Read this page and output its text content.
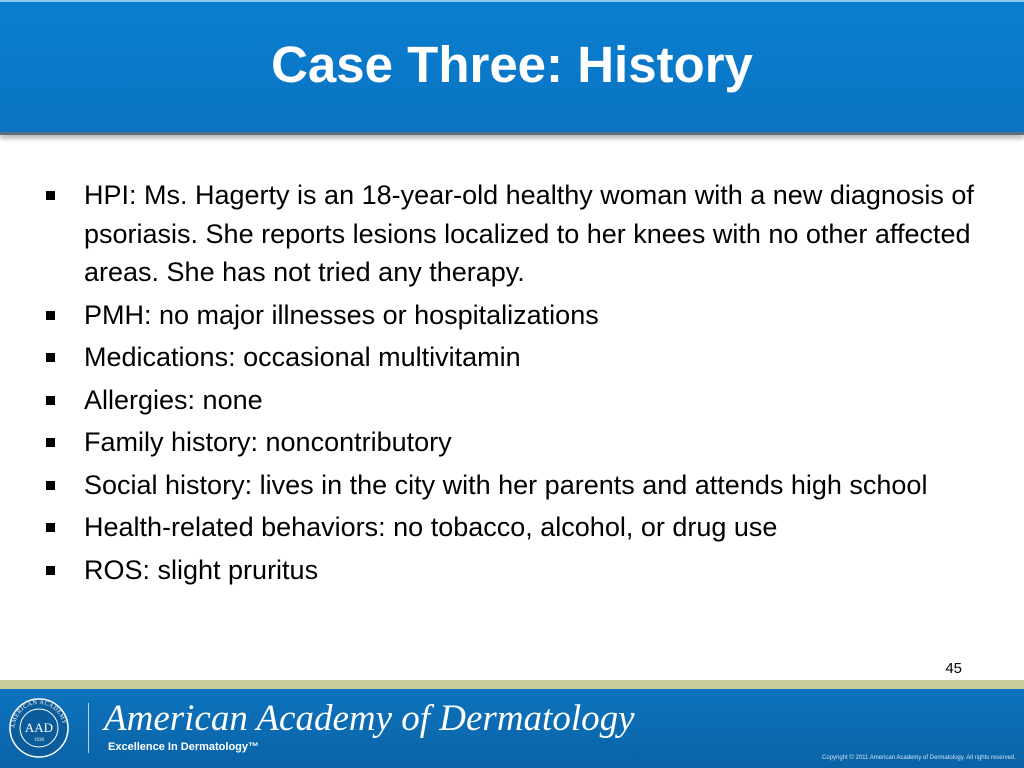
Case Three: History
HPI: Ms. Hagerty is an 18-year-old healthy woman with a new diagnosis of psoriasis. She reports lesions localized to her knees with no other affected areas. She has not tried any therapy.
PMH: no major illnesses or hospitalizations
Medications: occasional multivitamin
Allergies: none
Family history: noncontributory
Social history: lives in the city with her parents and attends high school
Health-related behaviors: no tobacco, alcohol, or drug use
ROS: slight pruritus
45
AMERICAN ACADEMY
AAD
1938
American Academy of Dermatology
Excellence In Dermatology™
Copyright © 2011 American Academy of Dermatology. All rights reserved.
